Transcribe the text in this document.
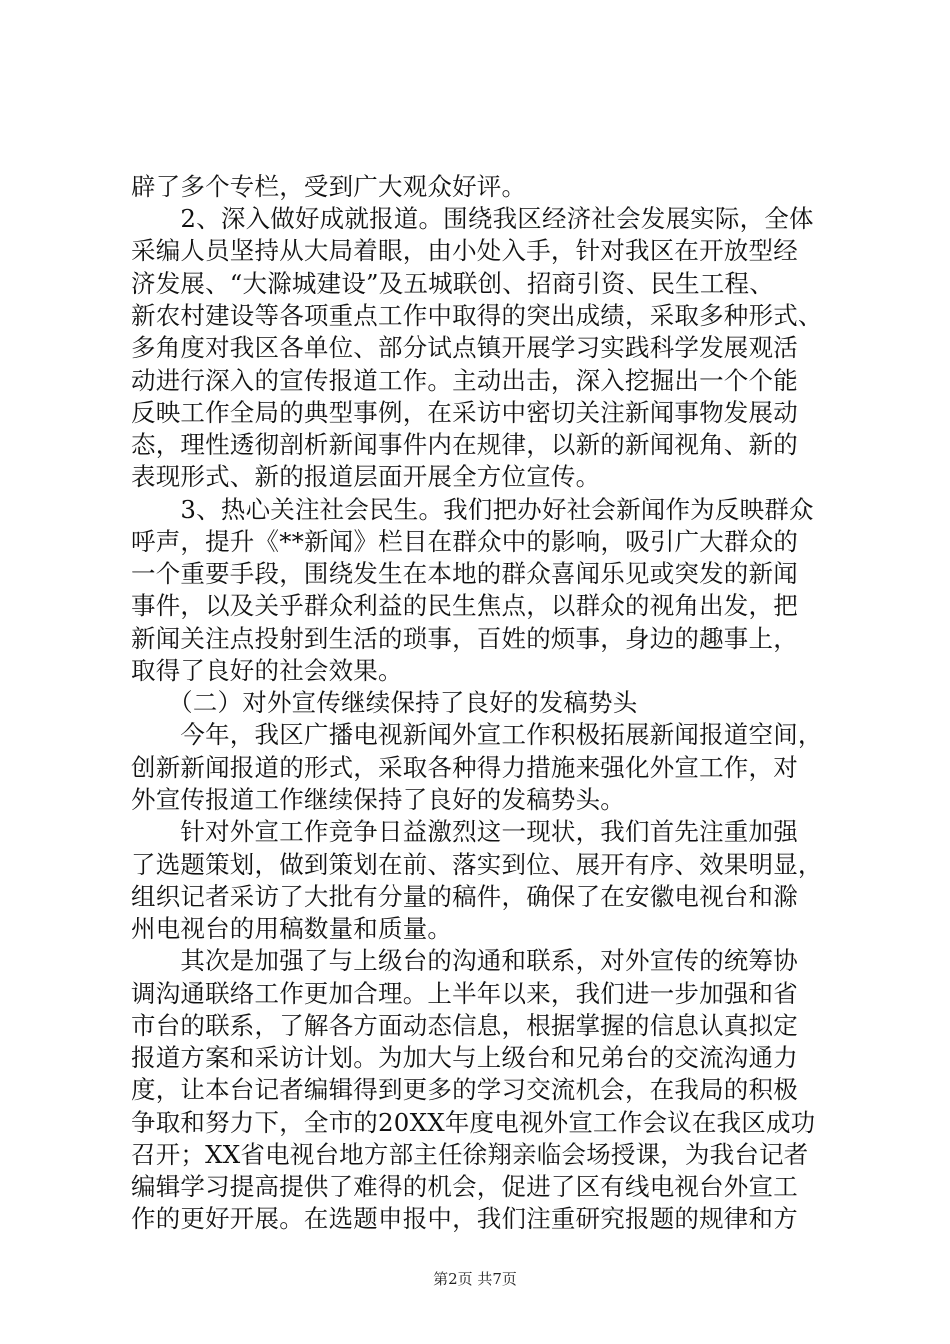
辟了多个专栏，受到广大观众好评。
　　2、深入做好成就报道。围绕我区经济社会发展实际，全体
采编人员坚持从大局着眼，由小处入手，针对我区在开放型经
济发展、“大滁城建设”及五城联创、招商引资、民生工程、
新农村建设等各项重点工作中取得的突出成绩，采取多种形式、
多角度对我区各单位、部分试点镇开展学习实践科学发展观活
动进行深入的宣传报道工作。主动出击，深入挖掘出一个个能
反映工作全局的典型事例，在采访中密切关注新闻事物发展动
态，理性透彻剖析新闻事件内在规律，以新的新闻视角、新的
表现形式、新的报道层面开展全方位宣传。
　　3、热心关注社会民生。我们把办好社会新闻作为反映群众
呼声，提升《**新闻》栏目在群众中的影响，吸引广大群众的
一个重要手段，围绕发生在本地的群众喜闻乐见或突发的新闻
事件，以及关乎群众利益的民生焦点，以群众的视角出发，把
新闻关注点投射到生活的琐事，百姓的烦事，身边的趣事上，
取得了良好的社会效果。
　　（二）对外宣传继续保持了良好的发稿势头
　　今年，我区广播电视新闻外宣工作积极拓展新闻报道空间，
创新新闻报道的形式，采取各种得力措施来强化外宣工作，对
外宣传报道工作继续保持了良好的发稿势头。
　　针对外宣工作竞争日益激烈这一现状，我们首先注重加强
了选题策划，做到策划在前、落实到位、展开有序、效果明显，
组织记者采访了大批有分量的稿件，确保了在安徽电视台和滁
州电视台的用稿数量和质量。
　　其次是加强了与上级台的沟通和联系，对外宣传的统筹协
调沟通联络工作更加合理。上半年以来，我们进一步加强和省
市台的联系，了解各方面动态信息，根据掌握的信息认真拟定
报道方案和采访计划。为加大与上级台和兄弟台的交流沟通力
度，让本台记者编辑得到更多的学习交流机会，在我局的积极
争取和努力下，全市的20XX年度电视外宣工作会议在我区成功
召开；XX省电视台地方部主任徐翔亲临会场授课，为我台记者
编辑学习提高提供了难得的机会，促进了区有线电视台外宣工
作的更好开展。在选题申报中，我们注重研究报题的规律和方
第2页 共7页
